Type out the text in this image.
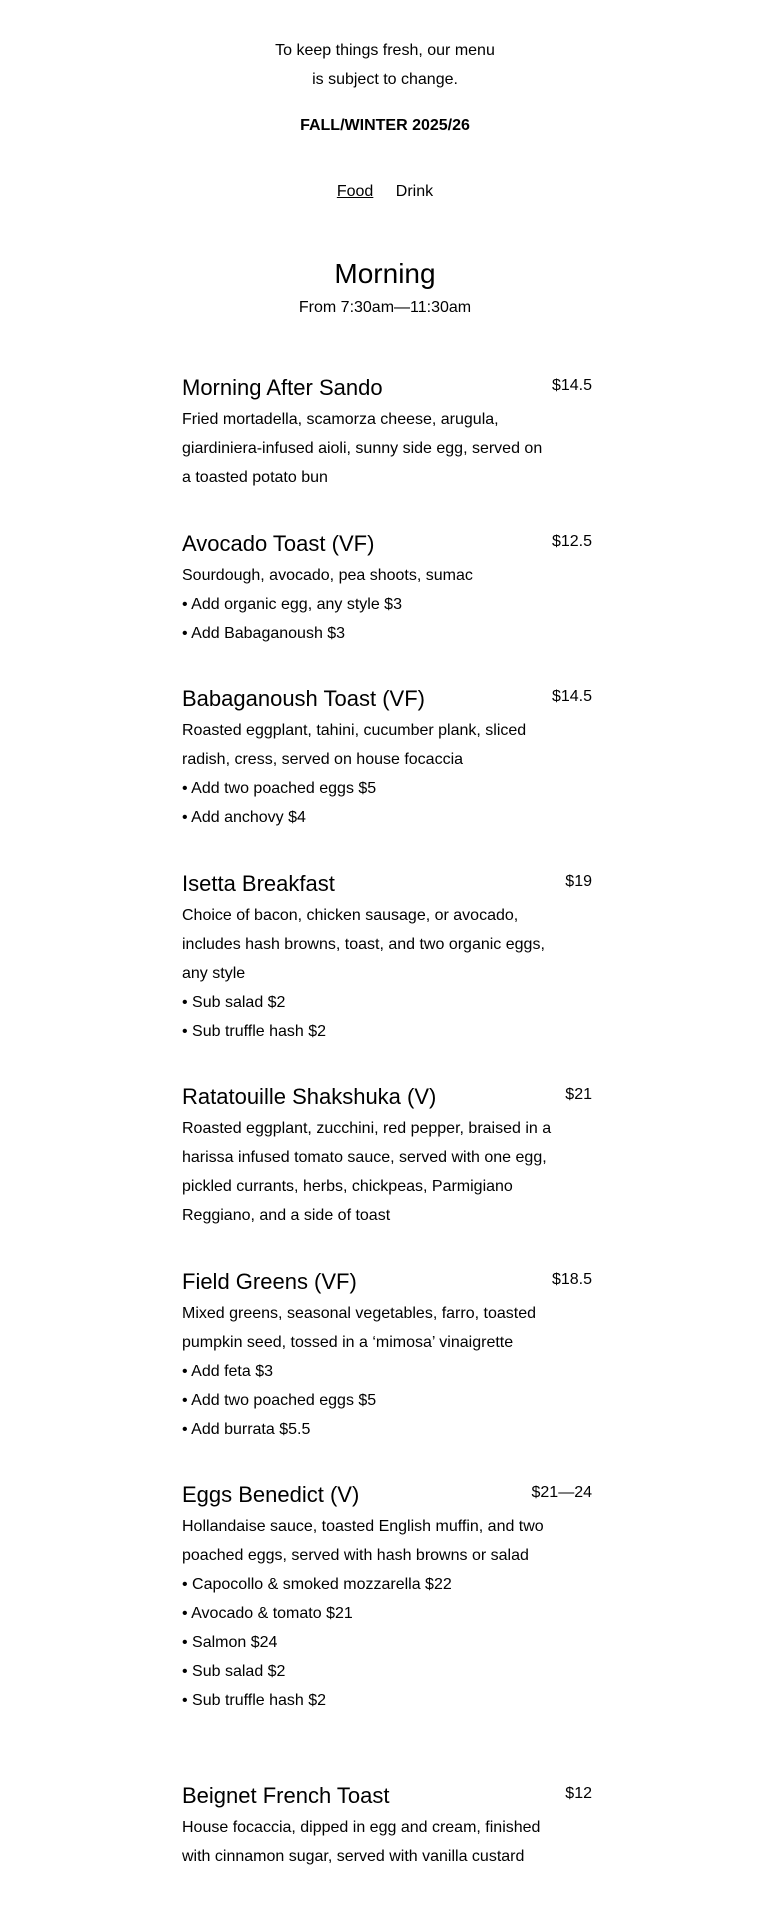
To keep things fresh, our menu
is subject to change.
FALL/WINTER 2025/26
Food Drink
Morning
From 7:30am—11:30am
Morning After Sando	$14.5

Fried mortadella, scamorza cheese, arugula, giardiniera-infused aioli, sunny side egg, served on a toasted potato bun

Avocado Toast (VF)	$12.5

Sourdough, avocado, pea shoots, sumac

• Add organic egg, any style $3
• Add Babaganoush $3
Babaganoush Toast (VF)	$14.5

Roasted eggplant, tahini, cucumber plank, sliced radish, cress, served on house focaccia

• Add two poached eggs $5
• Add anchovy $4
Isetta Breakfast	$19

Choice of bacon, chicken sausage, or avocado, includes hash browns, toast, and two organic eggs, any style

• Sub salad $2
• Sub truffle hash $2
Ratatouille Shakshuka (V)	$21

Roasted eggplant, zucchini, red pepper, braised in a harissa infused tomato sauce, served with one egg, pickled currants, herbs, chickpeas, Parmigiano Reggiano, and a side of toast

Field Greens (VF)	$18.5

Mixed greens, seasonal vegetables, farro, toasted pumpkin seed, tossed in a ‘mimosa’ vinaigrette

• Add feta $3
• Add two poached eggs $5
• Add burrata $5.5
Eggs Benedict (V)	$21—24

Hollandaise sauce, toasted English muffin, and two poached eggs, served with hash browns or salad

• Capocollo & smoked mozzarella $22
• Avocado & tomato $21
• Salmon $24
• Sub salad $2
• Sub truffle hash $2
Beignet French Toast	$12

House focaccia, dipped in egg and cream, finished with cinnamon sugar, served with vanilla custard
